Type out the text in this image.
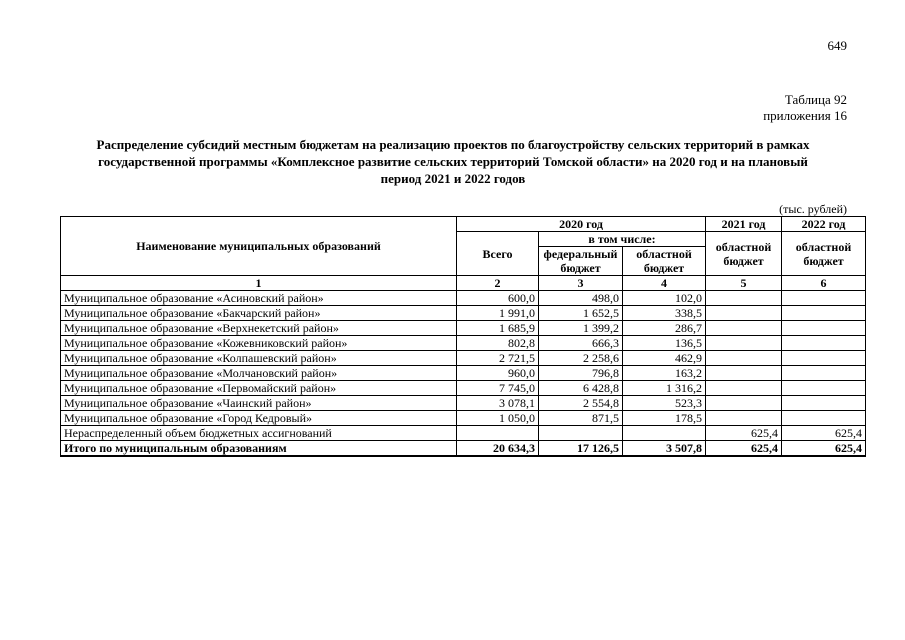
649
Таблица 92
приложения 16
Распределение субсидий местным бюджетам на реализацию проектов по благоустройству сельских территорий в рамках
государственной программы «Комплексное развитие сельских территорий Томской области» на 2020 год и на плановый
период 2021 и 2022 годов
(тыс. рублей)
Наименование муниципальных образований	2020 год			2021 год	2022 год
	Всего	в том числе:		областной бюджет	областной бюджет
		федеральный бюджет	областной бюджет		
1	2	3	4	5	6
Муниципальное образование «Асиновский район»	600,0	498,0	102,0		
Муниципальное образование «Бакчарский район»	1 991,0	1 652,5	338,5		
Муниципальное образование «Верхнекетский район»	1 685,9	1 399,2	286,7		
Муниципальное образование «Кожевниковский район»	802,8	666,3	136,5		
Муниципальное образование «Колпашевский район»	2 721,5	2 258,6	462,9		
Муниципальное образование «Молчановский район»	960,0	796,8	163,2		
Муниципальное образование «Первомайский район»	7 745,0	6 428,8	1 316,2		
Муниципальное образование «Чаинский район»	3 078,1	2 554,8	523,3		
Муниципальное образование «Город Кедровый»	1 050,0	871,5	178,5		
Нераспределенный объем бюджетных ассигнований				625,4	625,4
Итого по муниципальным образованиям	20 634,3	17 126,5	3 507,8	625,4	625,4
